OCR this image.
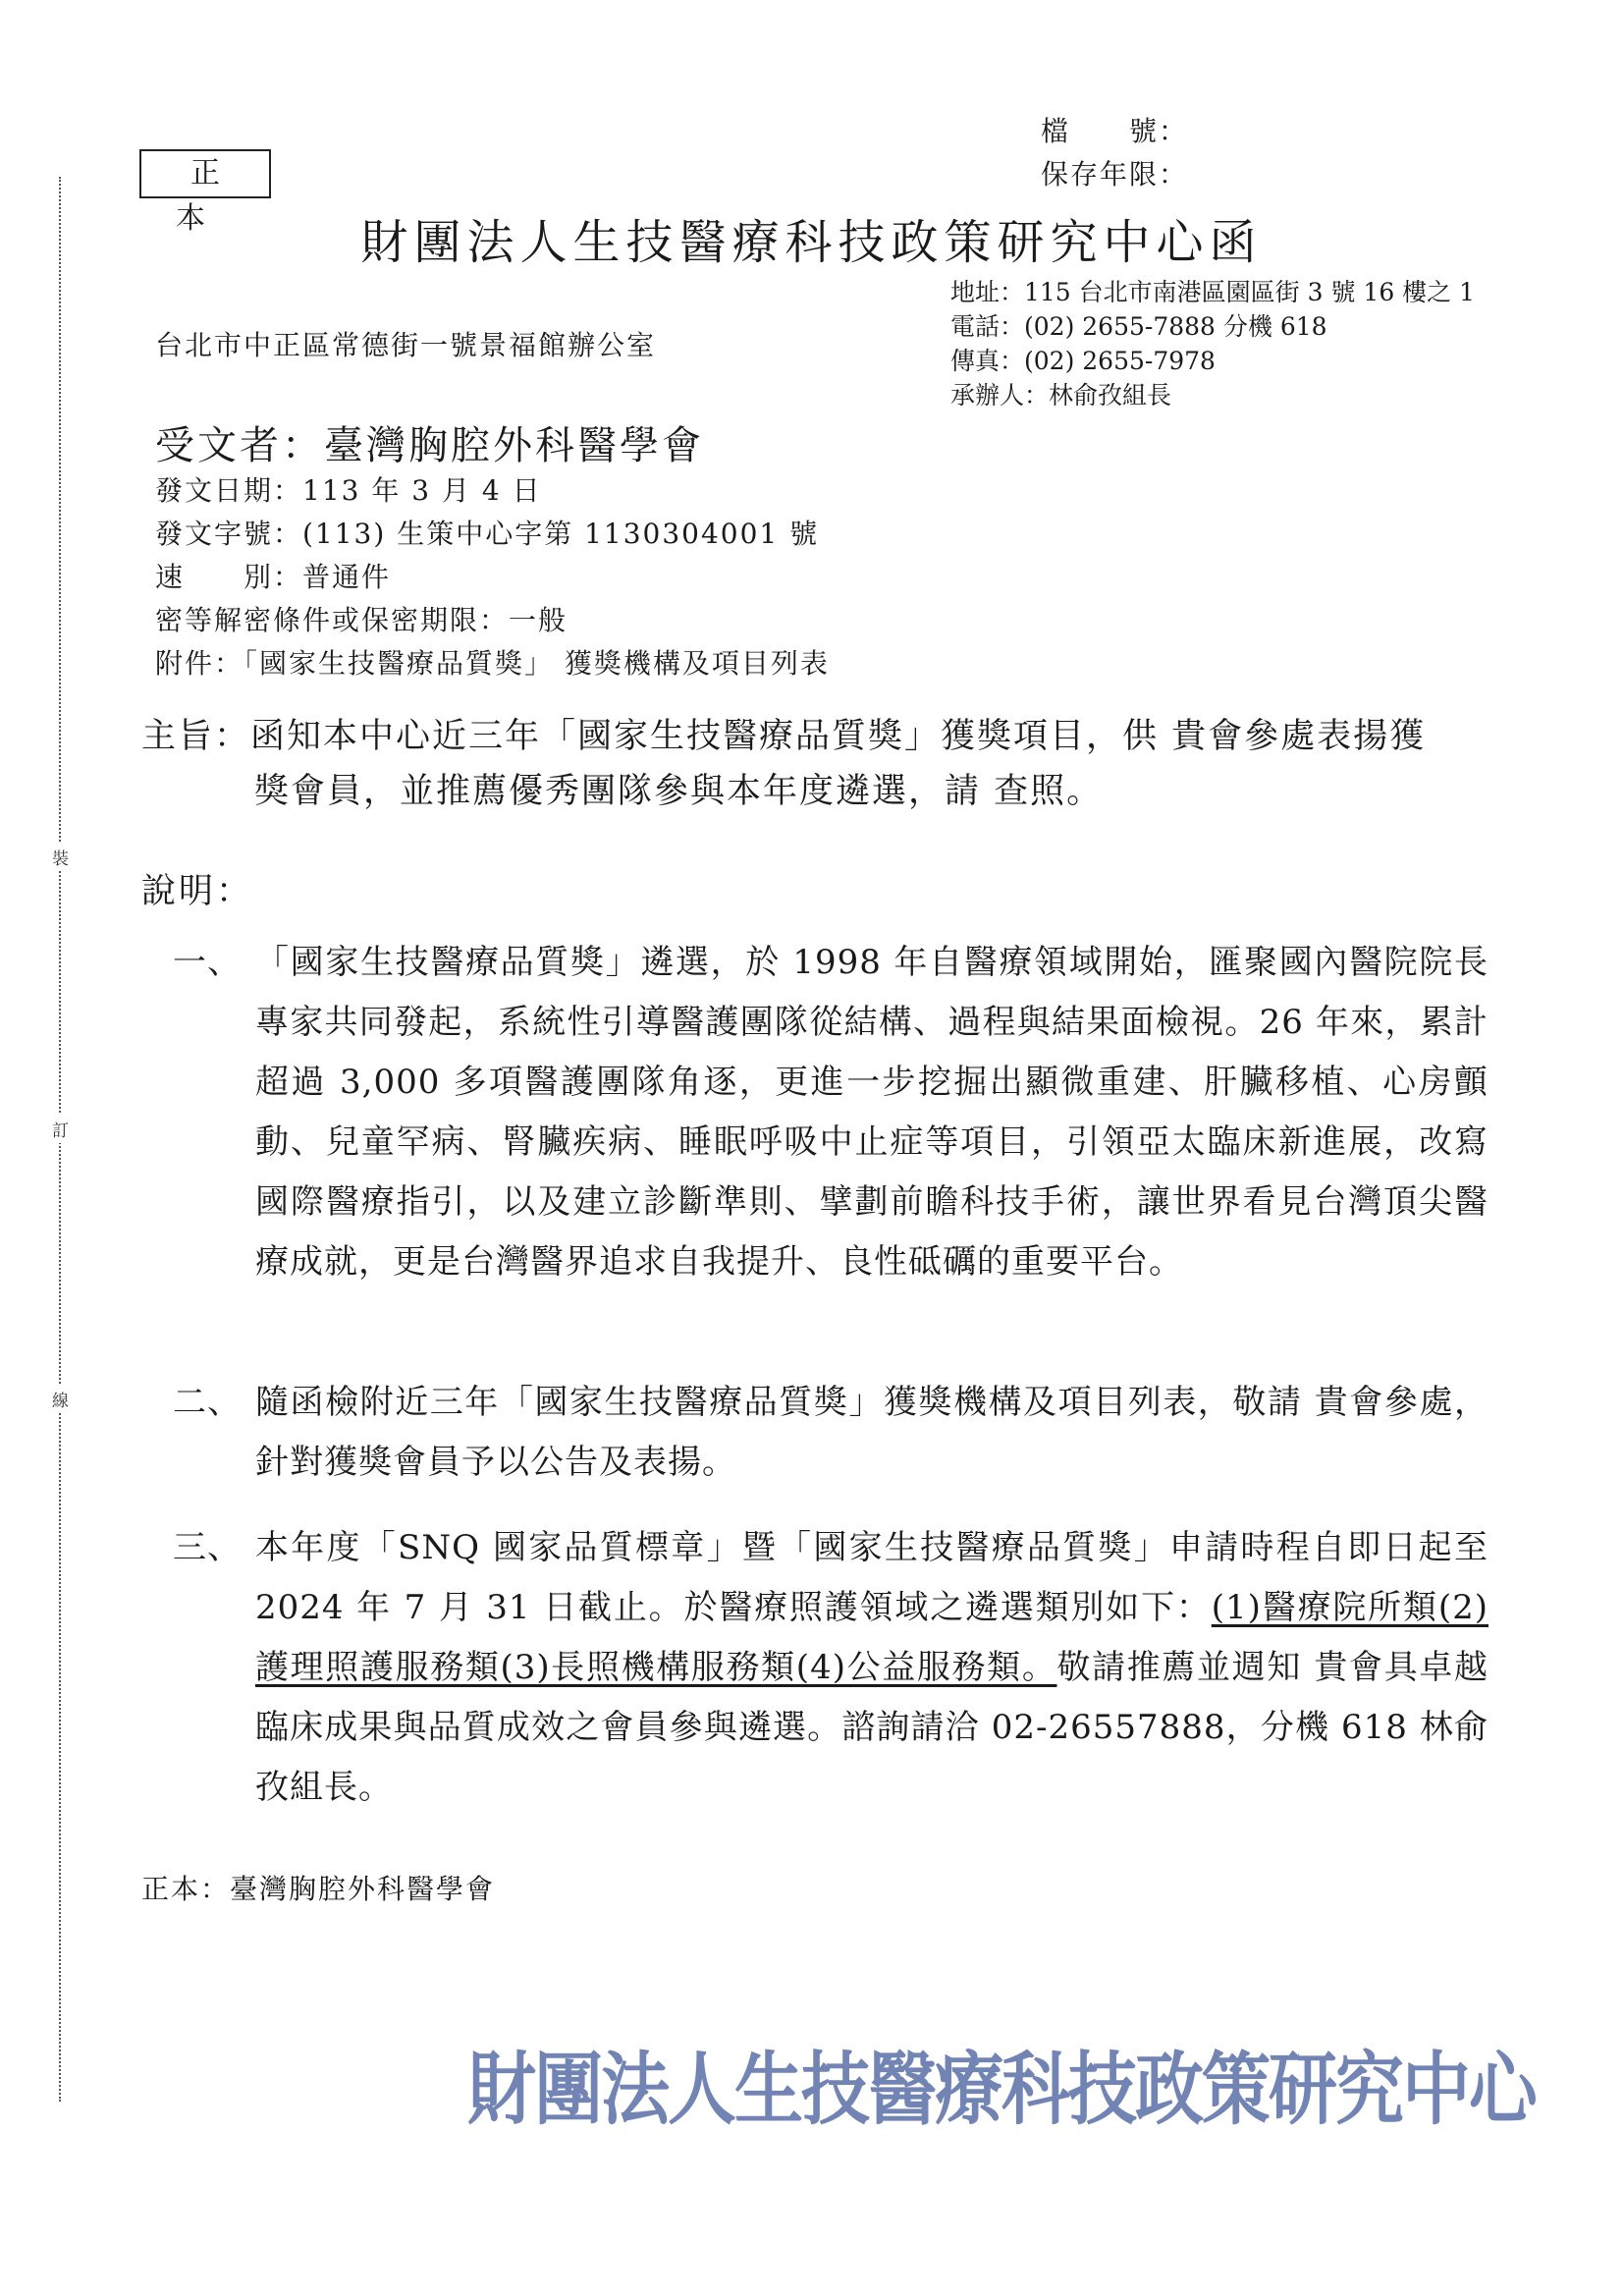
裝
訂
線
檔　　號：
保存年限：
正本	財團法人生技醫療科技政策研究中心函
地址：115 台北市南港區園區街 3 號 16 樓之 1
電話：(02) 2655-7888 分機 618
傳真：(02) 2655-7978
承辦人：林俞孜組長
台北市中正區常德街一號景福館辦公室
受文者：臺灣胸腔外科醫學會
發文日期：113 年 3 月 4 日
發文字號：(113) 生策中心字第 1130304001 號
速　　別：普通件
密等解密條件或保密期限：一般
附件：「國家生技醫療品質獎」 獲獎機構及項目列表
主旨：函知本中心近三年「國家生技醫療品質獎」獲獎項目，供 貴會參處表揚獲
獎會員，並推薦優秀團隊參與本年度遴選，請 查照。
說明：
一、 「國家生技醫療品質獎」遴選，於 1998 年自醫療領域開始，匯聚國內醫院院長專家共同發起，系統性引導醫護團隊從結構、過程與結果面檢視。26 年來，累計超過 3,000 多項醫護團隊角逐，更進一步挖掘出顯微重建、肝臟移植、心房顫動、兒童罕病、腎臟疾病、睡眠呼吸中止症等項目，引領亞太臨床新進展，改寫國際醫療指引，以及建立診斷準則、擘劃前瞻科技手術，讓世界看見台灣頂尖醫療成就，更是台灣醫界追求自我提升、良性砥礪的重要平台。
二、 隨函檢附近三年「國家生技醫療品質獎」獲獎機構及項目列表，敬請 貴會參處，針對獲獎會員予以公告及表揚。
三、 本年度「SNQ 國家品質標章」暨「國家生技醫療品質獎」申請時程自即日起至 2024 年 7 月 31 日截止。於醫療照護領域之遴選類別如下：(1)醫療院所類(2)護理照護服務類(3)長照機構服務類(4)公益服務類。敬請推薦並週知 貴會具卓越臨床成果與品質成效之會員參與遴選。諮詢請洽 02-26557888，分機 618 林俞孜組長。
正本：臺灣胸腔外科醫學會
財團法人生技醫療科技政策研究中心
